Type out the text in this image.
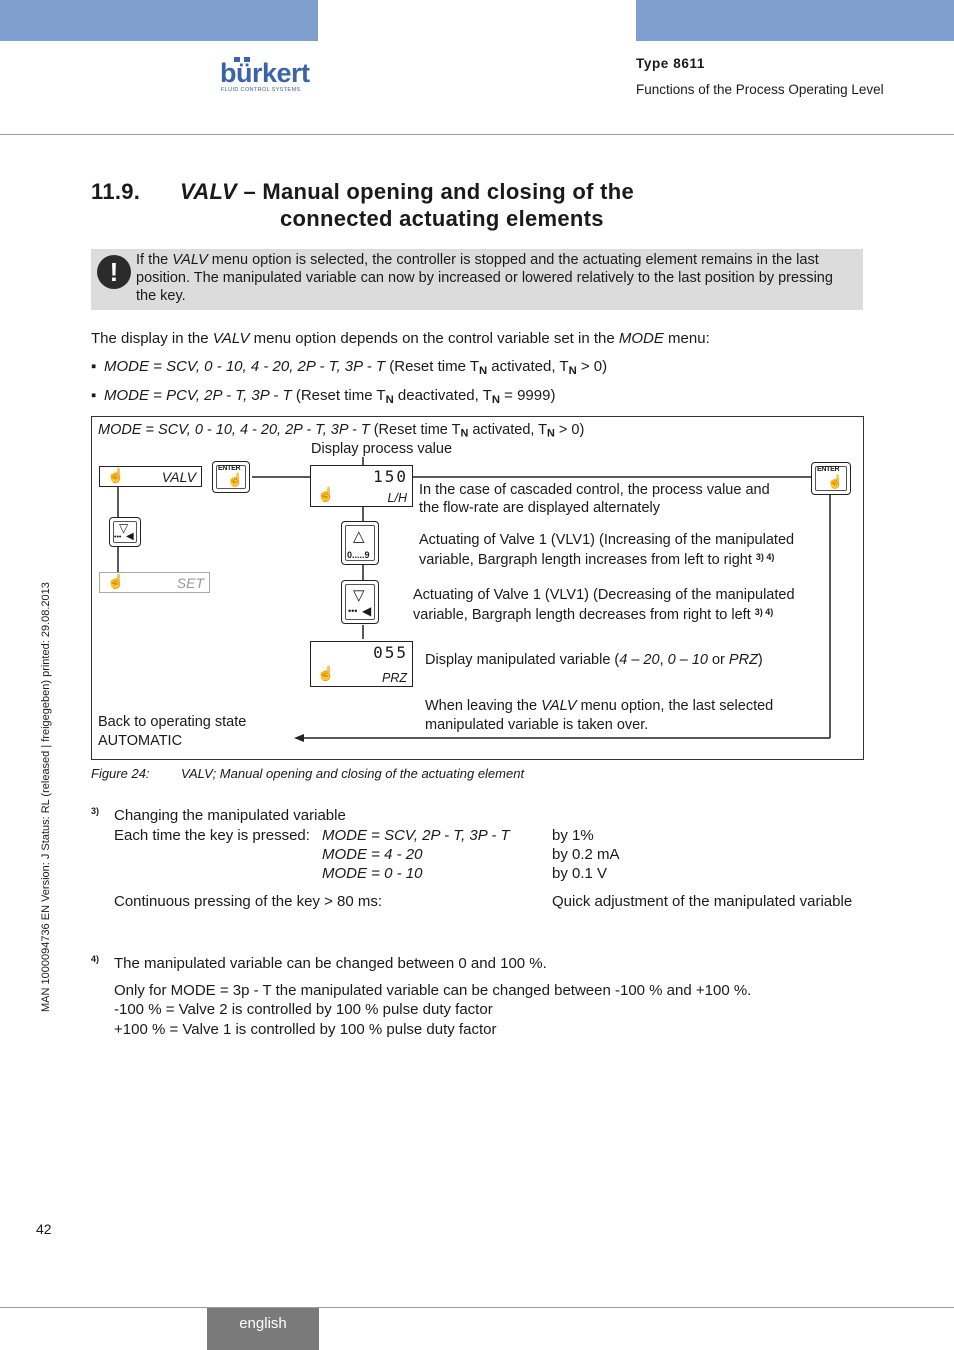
bürkert
FLUID CONTROL SYSTEMS
Type 8611
Functions of the Process Operating Level
11.9. VALV – Manual opening and closing of the
connected actuating elements
!	If the VALV menu option is selected, the controller is stopped and the actuating element remains in the last
position. The manipulated variable can now by increased or lowered relatively to the last position by pressing
the key.
The display in the VALV menu option depends on the control variable set in the MODE menu:
▪ MODE = SCV, 0 - 10, 4 - 20, 2P - T, 3P - T (Reset time $T_N$ activated, $T_N > 0$)
▪ MODE = PCV, 2P - T, 3P - T (Reset time $T_N$ deactivated, $T_N = 9999$)
MODE = SCV, 0 - 10, 4 - 20, 2P - T, 3P - T (Reset time $T_N$ activated, $T_N > 0$)
Display process value
☝	VALV
ENTER
☝
▽
••• ◀
☝	SET
150
☝	L/H
△
0.....9
▽
••• ◀
055
☝	PRZ
ENTER
☝
In the case of cascaded control, the process value and
the flow-rate are displayed alternately
Actuating of Valve 1 (VLV1) (Increasing of the manipulated
variable, Bargraph length increases from left to right $^{3) 4)}$
Actuating of Valve 1 (VLV1) (Decreasing of the manipulated
variable, Bargraph length decreases from right to left $^{3) 4)}$
Display manipulated variable (4 – 20, 0 – 10 or PRZ)
When leaving the VALV menu option, the last selected
manipulated variable is taken over.
Back to operating state
AUTOMATIC
Figure 24: VALV; Manual opening and closing of the actuating element
3) Changing the manipulated variable
Each time the key is pressed: MODE = SCV, 2P - T, 3P - T	by 1%
MODE = 4 - 20	by 0.2 mA
MODE = 0 - 10	by 0.1 V
Continuous pressing of the key > 80 ms:	Quick adjustment of the manipulated variable
4) The manipulated variable can be changed between 0 and 100 %.
Only for MODE = 3p - T the manipulated variable can be changed between -100 % and +100 %.
-100 % = Valve 2 is controlled by 100 % pulse duty factor
+100 % = Valve 1 is controlled by 100 % pulse duty factor
MAN 1000094736 EN Version: J Status: RL (released | freigegeben) printed: 29.08.2013
42
english
